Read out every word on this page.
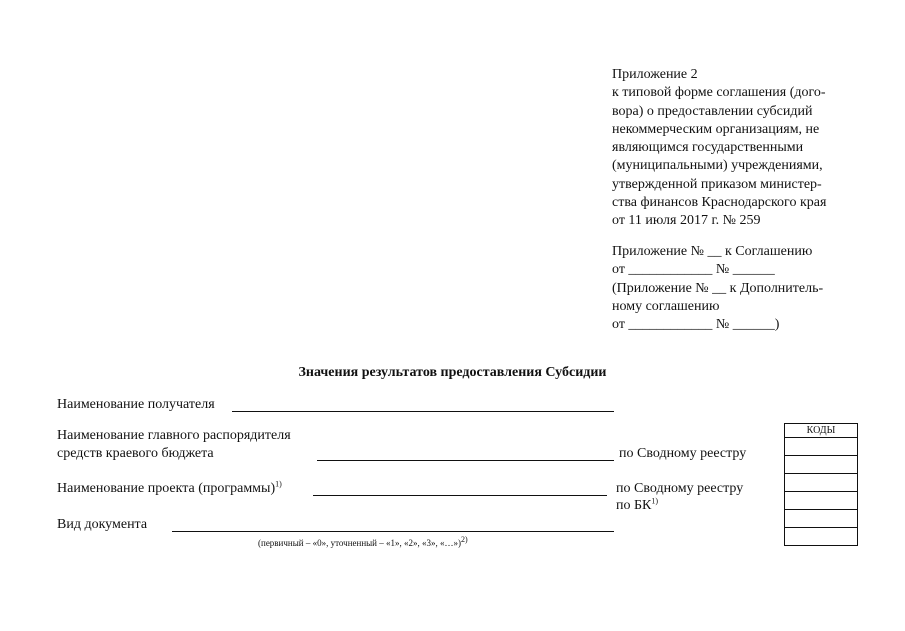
Приложение 2
к типовой форме соглашения (дого-
вора) о предоставлении субсидий
некоммерческим организациям, не
являющимся государственными
(муниципальными) учреждениями,
утвержденной приказом министер-
ства финансов Краснодарского края
от 11 июля 2017 г. № 259
Приложение № __ к Соглашению
от ____________ № ______
(Приложение № __ к Дополнитель-
ному соглашению
от ____________ № ______)
Значения результатов предоставления Субсидии
Наименование получателя
Наименование главного распорядителя
средств краевого бюджета	по Сводному реестру
Наименование проекта (программы)$^{1)}$	по Сводному реестру
по БК$^{1)}$
Вид документа
(первичный – «0», уточненный – «1», «2», «3», «…»)$^{2)}$
КОДЫ
